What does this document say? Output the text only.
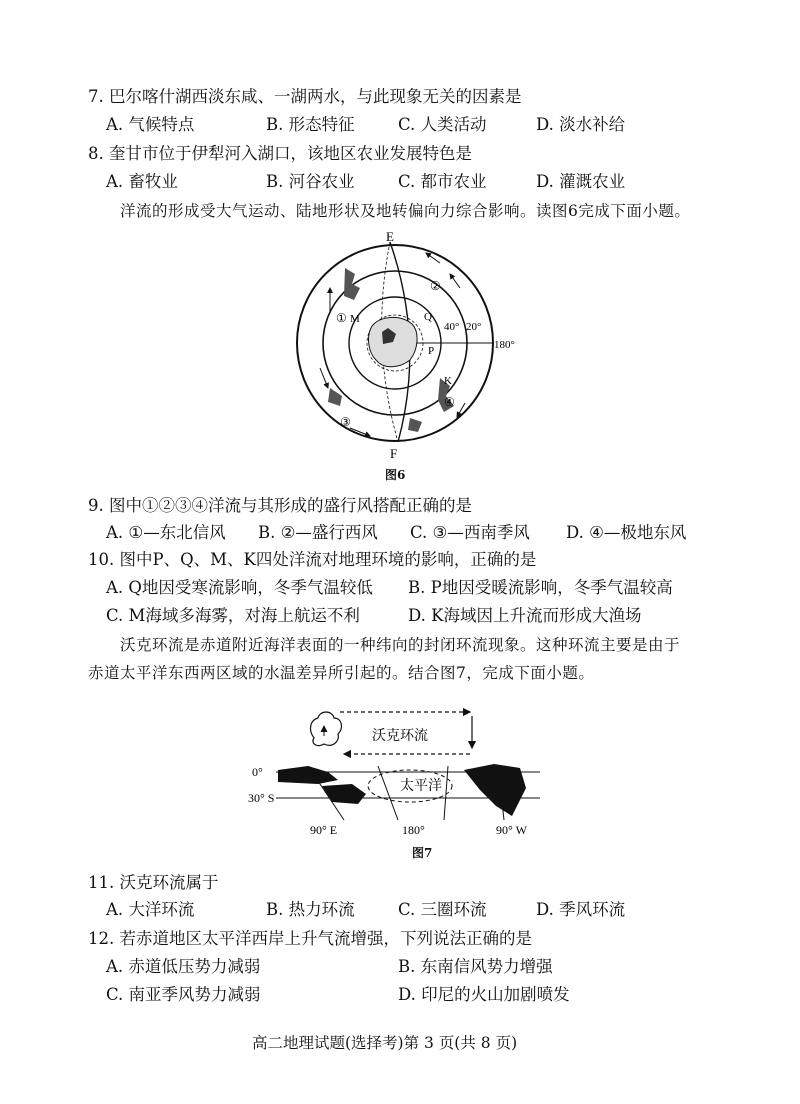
7. 巴尔喀什湖西淡东咸、一湖两水，与此现象无关的因素是
A. 气候特点	B. 形态特征	C. 人类活动	D. 淡水补给
8. 奎甘市位于伊犁河入湖口，该地区农业发展特色是
A. 畜牧业	B. 河谷农业	C. 都市农业	D. 灌溉农业
洋流的形成受大气运动、陆地形状及地转偏向力综合影响。读图6完成下面小题。
E
F
180°
40° 20°
M	Q
P
K
①
②
③
④
图6
9. 图中①②③④洋流与其形成的盛行风搭配正确的是
A. ①—东北信风 B. ②—盛行西风 C. ③—西南季风 D. ④—极地东风
10. 图中P、Q、M、K四处洋流对地理环境的影响，正确的是
A. Q地因受寒流影响，冬季气温较低 B. P地因受暖流影响，冬季气温较高
C. M海域多海雾，对海上航运不利	D. K海域因上升流而形成大渔场
沃克环流是赤道附近海洋表面的一种纬向的封闭环流现象。这种环流主要是由于
赤道太平洋东西两区域的水温差异所引起的。结合图7，完成下面小题。
沃克环流
太平洋
0°
30° S
90° E	180°	90° W
图7
11. 沃克环流属于
A. 大洋环流	B. 热力环流	C. 三圈环流	D. 季风环流
12. 若赤道地区太平洋西岸上升气流增强，下列说法正确的是
A. 赤道低压势力减弱	B. 东南信风势力增强
C. 南亚季风势力减弱	D. 印尼的火山加剧喷发
高二地理试题(选择考)第 3 页(共 8 页)
